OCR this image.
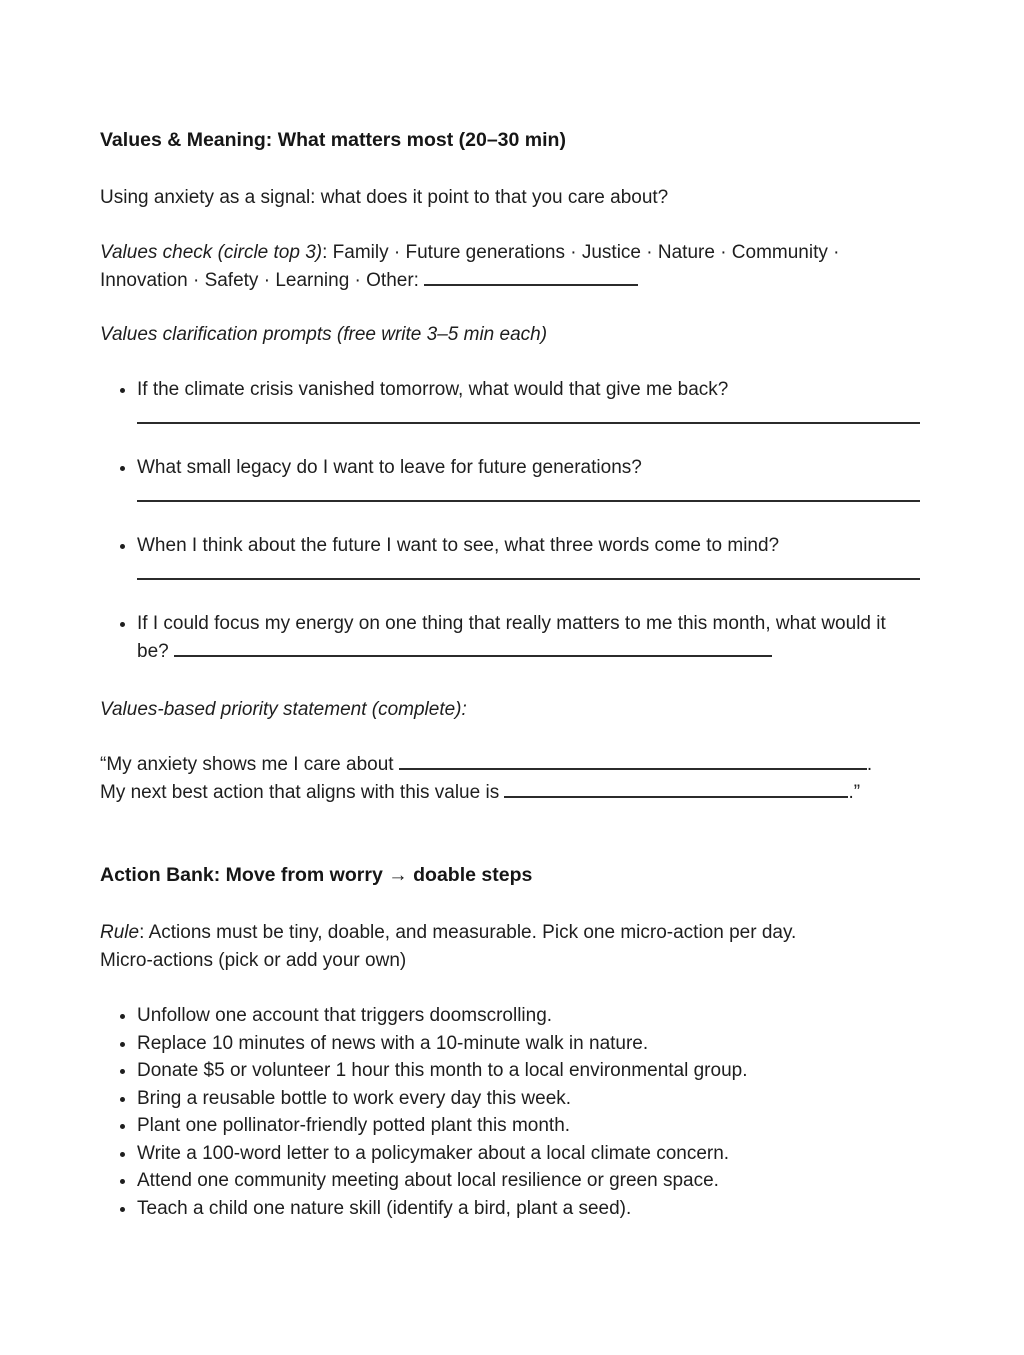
Values & Meaning: What matters most (20–30 min)

Using anxiety as a signal: what does it point to that you care about?

Values check (circle top 3): Family · Future generations · Justice · Nature · Community · Innovation · Safety · Learning · Other:

Values clarification prompts (free write 3–5 min each)

• If the climate crisis vanished tomorrow, what would that give me back?
• What small legacy do I want to leave for future generations?
• When I think about the future I want to see, what three words come to mind?
• If I could focus my energy on one thing that really matters to me this month, what would it be?

Values-based priority statement (complete):

“My anxiety shows me I care about	.
My next best action that aligns with this value is	.”

Action Bank: Move from worry → doable steps

Rule: Actions must be tiny, doable, and measurable. Pick one micro-action per day.
Micro-actions (pick or add your own)

• Unfollow one account that triggers doomscrolling.
• Replace 10 minutes of news with a 10-minute walk in nature.
• Donate $5 or volunteer 1 hour this month to a local environmental group.
• Bring a reusable bottle to work every day this week.
• Plant one pollinator-friendly potted plant this month.
• Write a 100-word letter to a policymaker about a local climate concern.
• Attend one community meeting about local resilience or green space.
• Teach a child one nature skill (identify a bird, plant a seed).
